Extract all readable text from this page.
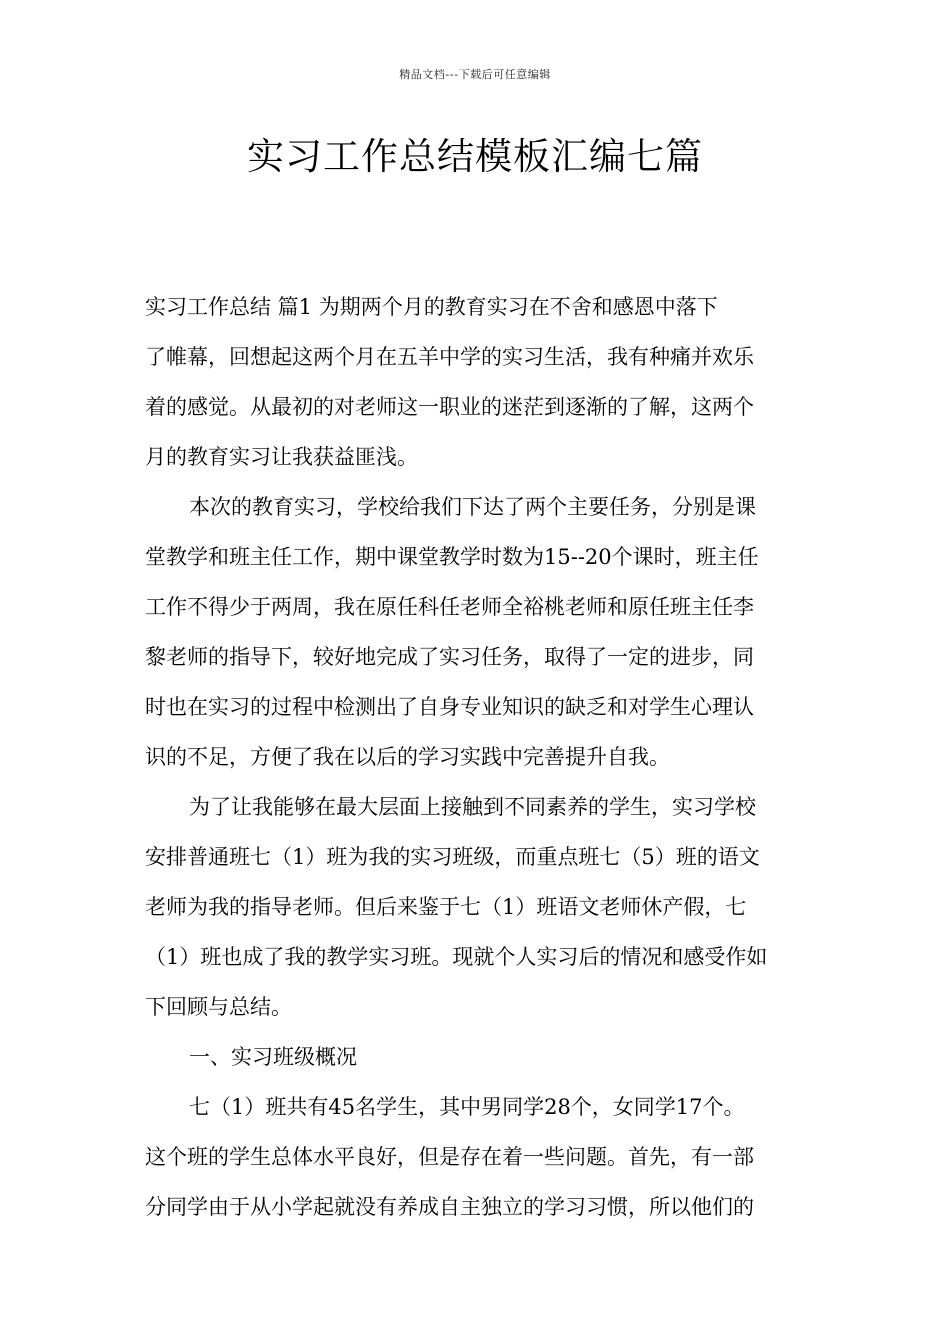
精品文档---下载后可任意编辑
实习工作总结模板汇编七篇
实习工作总结 篇1 为期两个月的教育实习在不舍和感恩中落下
了帷幕，回想起这两个月在五羊中学的实习生活，我有种痛并欢乐
着的感觉。从最初的对老师这一职业的迷茫到逐渐的了解，这两个
月的教育实习让我获益匪浅。
本次的教育实习，学校给我们下达了两个主要任务，分别是课
堂教学和班主任工作，期中课堂教学时数为15--20个课时，班主任
工作不得少于两周，我在原任科任老师全裕桃老师和原任班主任李
黎老师的指导下，较好地完成了实习任务，取得了一定的进步，同
时也在实习的过程中检测出了自身专业知识的缺乏和对学生心理认
识的不足，方便了我在以后的学习实践中完善提升自我。
为了让我能够在最大层面上接触到不同素养的学生，实习学校
安排普通班七（1）班为我的实习班级，而重点班七（5）班的语文
老师为我的指导老师。但后来鉴于七（1）班语文老师休产假，七
（1）班也成了我的教学实习班。现就个人实习后的情况和感受作如
下回顾与总结。
一、实习班级概况
七（1）班共有45名学生，其中男同学28个，女同学17个。
这个班的学生总体水平良好，但是存在着一些问题。首先，有一部
分同学由于从小学起就没有养成自主独立的学习习惯，所以他们的
